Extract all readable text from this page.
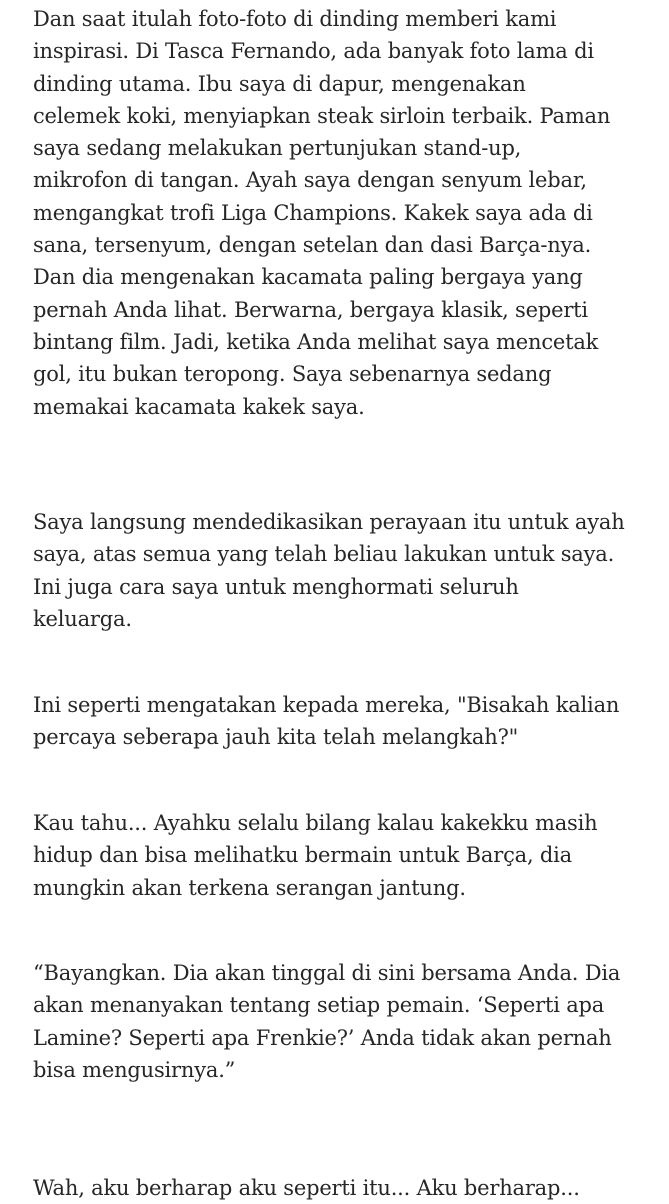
Dan saat itulah foto-foto di dinding memberi kami
inspirasi. Di Tasca Fernando, ada banyak foto lama di
dinding utama. Ibu saya di dapur, mengenakan
celemek koki, menyiapkan steak sirloin terbaik. Paman
saya sedang melakukan pertunjukan stand-up,
mikrofon di tangan. Ayah saya dengan senyum lebar,
mengangkat trofi Liga Champions. Kakek saya ada di
sana, tersenyum, dengan setelan dan dasi Barça-nya.
Dan dia mengenakan kacamata paling bergaya yang
pernah Anda lihat. Berwarna, bergaya klasik, seperti
bintang film. Jadi, ketika Anda melihat saya mencetak
gol, itu bukan teropong. Saya sebenarnya sedang
memakai kacamata kakek saya.
Saya langsung mendedikasikan perayaan itu untuk ayah
saya, atas semua yang telah beliau lakukan untuk saya.
Ini juga cara saya untuk menghormati seluruh
keluarga.
Ini seperti mengatakan kepada mereka, "Bisakah kalian
percaya seberapa jauh kita telah melangkah?"
Kau tahu... Ayahku selalu bilang kalau kakekku masih
hidup dan bisa melihatku bermain untuk Barça, dia
mungkin akan terkena serangan jantung.
“Bayangkan. Dia akan tinggal di sini bersama Anda. Dia
akan menanyakan tentang setiap pemain. ‘Seperti apa
Lamine? Seperti apa Frenkie?’ Anda tidak akan pernah
bisa mengusirnya.”
Wah, aku berharap aku seperti itu... Aku berharap...
